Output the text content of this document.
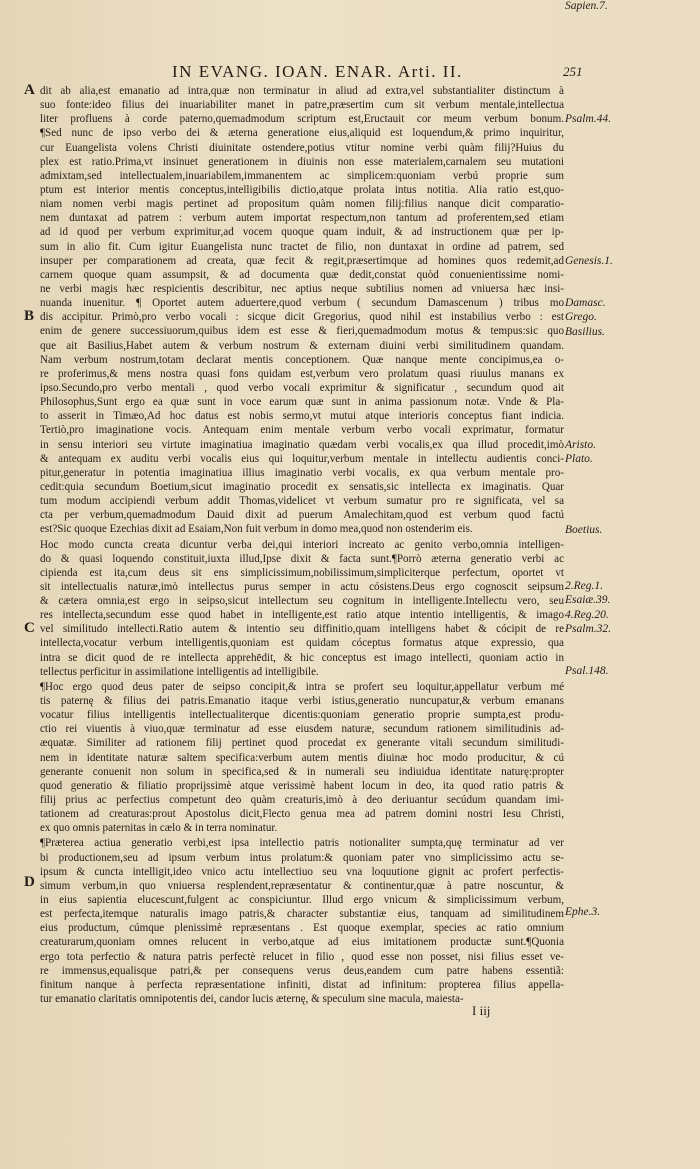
IN EVANG. IOAN. ENAR. Arti. II.	251
dit ab alia,est emanatio ad intra,quæ non terminatur in aliud ad extra,vel substantialiter distinctum à
suo fonte:ideo filius dei inuariabiliter manet in patre,præsertim cum sit verbum mentale,intellectua
liter profluens à corde paterno,quemadmodum scriptum est,Eructauit cor meum verbum bonum.
¶Sed nunc de ipso verbo dei & æterna generatione eius,aliquid est loquendum,& primo inquiritur,
cur Euangelista volens Christi diuinitate ostendere,potius vtitur nomine verbi quàm filij?Huius du
plex est ratio.Prima,vt insinuet generationem in diuinis non esse materialem,carnalem seu mutationi
admixtam,sed intellectualem,inuariabilem,immanentem ac simplicem:quoniam verbú proprie sum
ptum est interior mentis conceptus,intelligibilis dictio,atque prolata intus notitia. Alia ratio est,quo-
niam nomen verbi magis pertinet ad propositum quàm nomen filij:filius nanque dicit comparatio-
nem duntaxat ad patrem : verbum autem importat respectum,non tantum ad proferentem,sed etiam
ad id quod per verbum exprimitur,ad vocem quoque quam induit, & ad instructionem quæ per ip-
sum in alio fit. Cum igitur Euangelista nunc tractet de filio, non duntaxat in ordine ad patrem, sed
insuper per comparationem ad creata, quæ fecit & regit,præsertimque ad homines quos redemit,ad
carnem quoque quam assumpsit, & ad documenta quæ dedit,constat quòd conuenientissime nomi-
ne verbi magis hæc respicientis describitur, nec aptius neque subtilius nomen ad vniuersa hæc insi-
nuanda inuenitur. ¶ Oportet autem aduertere,quod verbum ( secundum Damascenum ) tribus mo
dis accipitur. Primò,pro verbo vocali : sicque dicit Gregorius, quod nihil est instabilius verbo : est
enim de genere successiuorum,quibus idem est esse & fieri,quemadmodum motus & tempus:sic quo
que ait Basilius,Habet autem & verbum nostrum & externam diuini verbi similitudinem quandam.
Nam verbum nostrum,totam declarat mentis conceptionem. Quæ nanque mente concipimus,ea o-
re proferimus,& mens nostra quasi fons quidam est,verbum vero prolatum quasi riuulus manans ex
ipso.Secundo,pro verbo mentali , quod verbo vocali exprimitur & significatur , secundum quod ait
Philosophus,Sunt ergo ea quæ sunt in voce earum quæ sunt in anima passionum notæ. Vnde & Pla-
to asserit in Timæo,Ad hoc datus est nobis sermo,vt mutui atque interioris conceptus fiant indicia.
Tertiò,pro imaginatione vocis. Antequam enim mentale verbum verbo vocali exprimatur, formatur
in sensu interiori seu virtute imaginatiua imaginatio quædam verbi vocalis,ex qua illud procedit,imò
& antequam ex auditu verbi vocalis eius qui loquitur,verbum mentale in intellectu audientis conci-
pitur,generatur in potentia imaginatiua illius imaginatio verbi vocalis, ex qua verbum mentale pro-
cedit:quia secundum Boetium,sicut imaginatio procedit ex sensatis,sic intellecta ex imaginatis. Quar
tum modum accipiendi verbum addit Thomas,videlicet vt verbum sumatur pro re significata, vel sa
cta per verbum,quemadmodum Dauid dixit ad puerum Amalechitam,quod est verbum quod factú
est?Sic quoque Ezechias dixit ad Esaiam,Non fuit verbum in domo mea,quod non ostenderim eis.
Hoc modo cuncta creata dicuntur verba dei,qui interiori increato ac genito verbo,omnia intelligen-
do & quasi loquendo constituit,iuxta illud,Ipse dixit & facta sunt.¶Porrò æterna generatio verbi ac
cipienda est ita,cum deus sit ens simplicissimum,nobilissimum,simpliciterque perfectum, oportet vt
sit intellectualis naturæ,imò intellectus purus semper in actu cósistens.Deus ergo cognoscit seipsum
& cætera omnia,est ergo in seipso,sicut intellectum seu cognitum in intelligente.Intellectu vero, seu
res intellecta,secundum esse quod habet in intelligente,est ratio atque intentio intelligentis, & imago
vel similitudo intellecti.Ratio autem & intentio seu diffinitio,quam intelligens habet & cócipit de re
intellecta,vocatur verbum intelligentis,quoniam est quidam cóceptus formatus atque expressio, qua
intra se dicit quod de re intellecta apprehēdit, & hic conceptus est imago intellecti, quoniam actio in
tellectus perficitur in assimilatione intelligentis ad intelligibile.
¶Hoc ergo quod deus pater de seipso concipit,& intra se profert seu loquitur,appellatur verbum mé
tis paternę & filius dei patris.Emanatio itaque verbi istius,generatio nuncupatur,& verbum emanans
vocatur filius intelligentis intellectualiterque dicentis:quoniam generatio proprie sumpta,est produ-
ctio rei viuentis à viuo,quæ terminatur ad esse eiusdem naturæ, secundum rationem similitudinis ad-
æquatæ. Similiter ad rationem filij pertinet quod procedat ex generante vitali secundum similitudi-
nem in identitate naturæ saltem specifica:verbum autem mentis diuinæ hoc modo producitur, & cú
generante conuenit non solum in specifica,sed & in numerali seu indiuidua identitate naturę:propter
quod generatio & filiatio proprijssimè atque verissimè habent locum in deo, ita quod ratio patris &
filij prius ac perfectius competunt deo quàm creaturis,imò à deo deriuantur secúdum quandam imi-
tationem ad creaturas:prout Apostolus dicit,Flecto genua mea ad patrem domini nostri Iesu Christi,
ex quo omnis paternitas in cælo & in terra nominatur.
¶Præterea actiua generatio verbi,est ipsa intellectio patris notionaliter sumpta,quę terminatur ad ver
bi productionem,seu ad ipsum verbum intus prolatum:& quoniam pater vno simplicissimo actu se-
ipsum & cuncta intelligit,ideo vnico actu intellectiuo seu vna loquutione gignit ac profert perfectis-
simum verbum,in quo vniuersa resplendent,repræsentatur & continentur,quæ à patre noscuntur, &
in eius sapientia elucescunt,fulgent ac conspiciuntur. Illud ergo vnicum & simplicissimum verbum,
est perfecta,itemque naturalis imago patris,& character substantiæ eius, tanquam ad similitudinem
eius productum, cúmque plenissimè repræsentans . Est quoque exemplar, species ac ratio omnium
creaturarum,quoniam omnes relucent in verbo,atque ad eius imitationem productæ sunt.¶Quonia
ergo tota perfectio & natura patris perfectè relucet in filio , quod esse non posset, nisi filius esset ve-
re immensus,equalisque patri,& per consequens verus deus,eandem cum patre habens essentiã:
finitum nanque à perfecta repræsentatione infiniti, distat ad infinitum: propterea filius appella-
tur emanatio claritatis omnipotentis dei, candor lucis æternę, & speculum sine macula, maiesta-
I iij
A
B
C
D
Psalm.44.
Genesis.1.
Damasc.
Grego.
Basilius.
Aristo.
Plato.
Boetius.
2.Reg.1.
Esaiæ.39.
4.Reg.20.
Psalm.32.
Psal.148.
Ephe.3.
Sapien.7.
